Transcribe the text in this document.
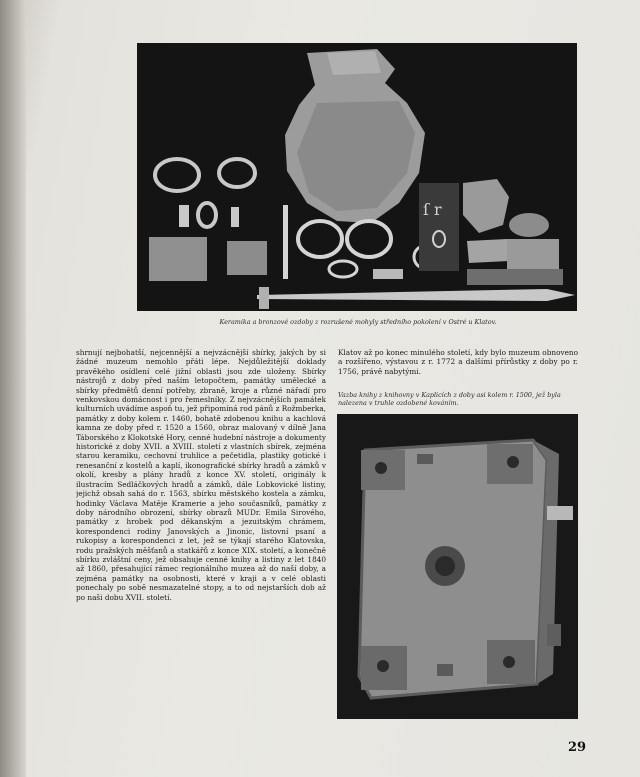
ſ r
Keramika a bronzové ozdoby z rozrušené mohyly středního pokolení v Ostré u Klatov.

shrnují nejbohatší, nejcennější a nejvzácnější sbírky, jakých by si žádné muzeum nemohlo přáti lépe. Nejdůležitější doklady pravěkého osídlení celé jižní oblasti jsou zde uloženy. Sbírky nástrojů z doby před naším letopočtem, památky umělecké a sbírky předmětů denní potřeby, zbraně, kroje a různé nářadí pro venkovskou domácnost i pro řemeslníky. Z nejvzácnějších památek kulturních uvádíme aspoň tu, jež připomíná rod pánů z Rožmberka, památky z doby kolem r. 1460, bohatě zdobenou knihu a kachlová kamna ze doby před r. 1520 a 1560, obraz malovaný v dílně Jana Táborského z Klokotské Hory, cenné hudební nástroje a dokumenty historické z doby XVII. a XVIII. století z vlastních sbírek, zejména starou keramiku, cechovní truhlice a pečetidla, plastiky gotické i renesanční z kostelů a kaplí, ikonografické sbírky hradů a zámků v okolí, kresby a plány hradů z konce XV. století, originály k ilustracím Sedláčkových hradů a zámků, dále Lobkovické listiny, jejichž obsah sahá do r. 1563, sbírku městského kostela a zámku, hodinky Václava Matěje Kramerie a jeho současníků, památky z doby národního obrození, sbírky obrazů MUDr. Emila Sirového, památky z hrobek pod děkanským a jezuitským chrámem, korespondenci rodiny Janovských a Jinonic, listovní psaní a rukopisy a korespondenci z let, jež se týkají starého Klatovska, rodu pražských měšťanů a statkářů z konce XIX. století, a konečně sbírku zvláštní ceny, jež obsahuje cenné knihy a listiny z let 1840 až 1860, přesahující rámec regionálního muzea až do naší doby, a zejména památky na osobnosti, které v kraji a v celé oblasti ponechaly po sobě nesmazatelné stopy, a to od nejstarších dob až po naši dobu XVII. století.

Klatov až po konec minulého století, kdy bylo muzeum obnoveno a rozšířeno, výstavou z r. 1772 a dalšími přírůstky z doby po r. 1756, právě nabytými.

Vazba knihy z knihovny v Kaplicích z doby asi kolem r. 1500, jež byla nalezena v truhle ozdobené kováním.
29
